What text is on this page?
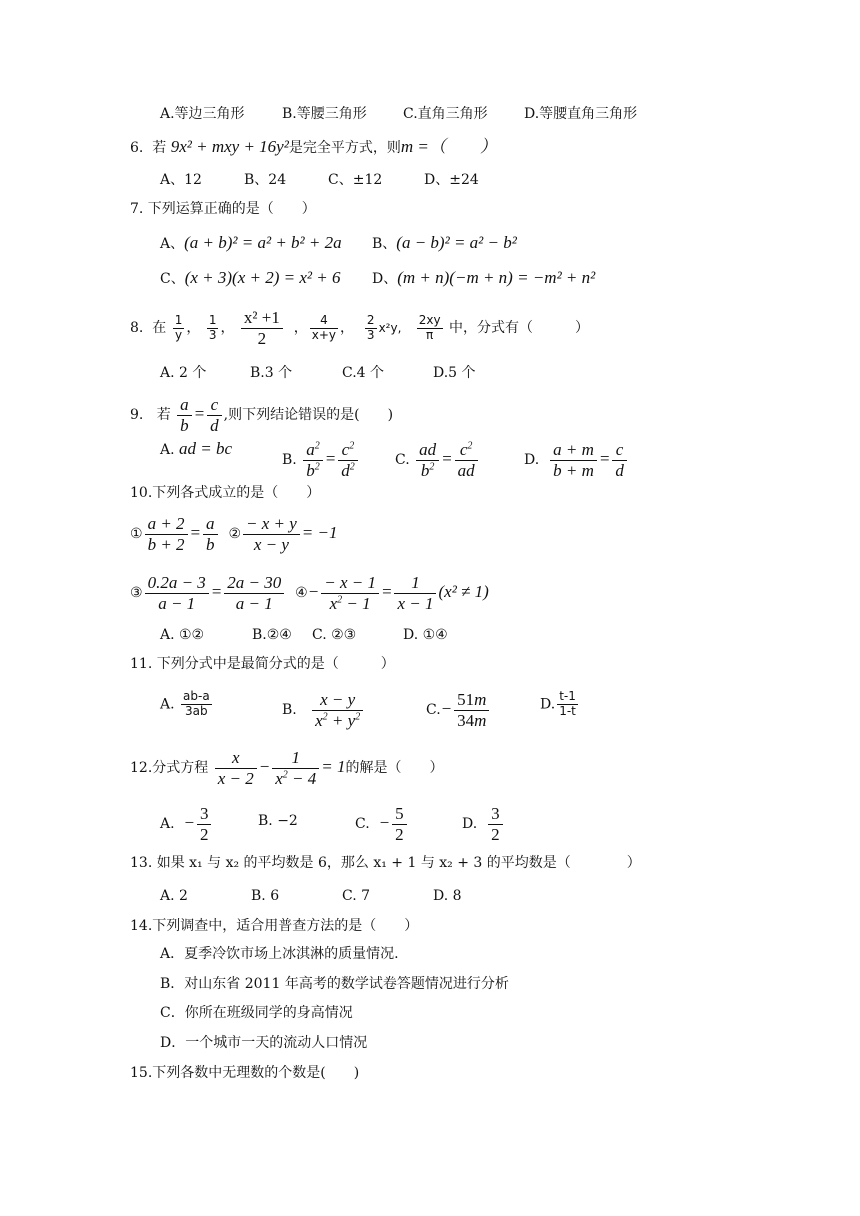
A.等边三角形	B.等腰三角形	C.直角三角形	D.等腰直角三角形
6. 若 9x² + mxy + 16y²是完全平方式，则m =（　　）
A、12	B、24	C、±12	D、±24
7. 下列运算正确的是（　　）
A、(a + b)² = a² + b² + 2a B、(a − b)² = a² − b²
C、(x + 3)(x + 2) = x² + 6 D、(m + n)(−m + n) = −m² + n²
8. 在 $\frac{1}{y}$ ， $\frac{1}{3}$ ， $\frac{\text{x² +1}}{2}$ ， $\frac{4}{x+y}$ ， $\frac{2}{3} x^2y$, $\frac{2xy}{\pi}$ 中，分式有（　　　）
A. 2 个	B.3 个	C.4 个	D.5 个
9. 若 $\frac{a}{b} = \frac{c}{d}$ ,则下列结论错误的是(　　)
A. ad = bc
B. $\frac{a^2}{b^2} = \frac{c^2}{d^2}$	C. $\frac{ad}{b^2} = \frac{c^2}{ad}$	D. $\frac{a + m}{b + m} = \frac{c}{d}$
10.下列各式成立的是（　　）
① $\frac{a + 2}{b + 2} = \frac{a}{b}$ ② $\frac{- x + y}{x - y} = -1$
③ $\frac{0.2a - 3}{a - 1} = \frac{2a - 30}{a - 1}$ ④− $\frac{- x - 1}{x^2 - 1} = \frac{1}{x - 1} (x^2 \ne 1)$
A. ①②	B.②④ C. ②③	D. ①④
11. 下列分式中是最简分式的是（　　　）
A. $\frac{ab-a}{3ab}$	B. $\frac{x - y}{x^2 + y^2}$	$C.- \frac{51m}{34m}$	D. $\frac{t-1}{1-t}$
12.分式方程 $\frac{x}{x - 2} - \frac{1}{x^2 - 4} = 1$的解是（　　）
A. − $\frac{3}{2}$	B. −2	C. − $\frac{5}{2}$	D. $\frac{3}{2}$
13. 如果 x₁ 与 x₂ 的平均数是 6，那么 x₁ + 1 与 x₂ + 3 的平均数是（　　　　）
A. 2	B. 6	C. 7	D. 8
14.下列调查中，适合用普查方法的是（　　）
A．夏季冷饮市场上冰淇淋的质量情况.
B．对山东省 2011 年高考的数学试卷答题情况进行分析
C．你所在班级同学的身高情况
D．一个城市一天的流动人口情况
15.下列各数中无理数的个数是(　　)
